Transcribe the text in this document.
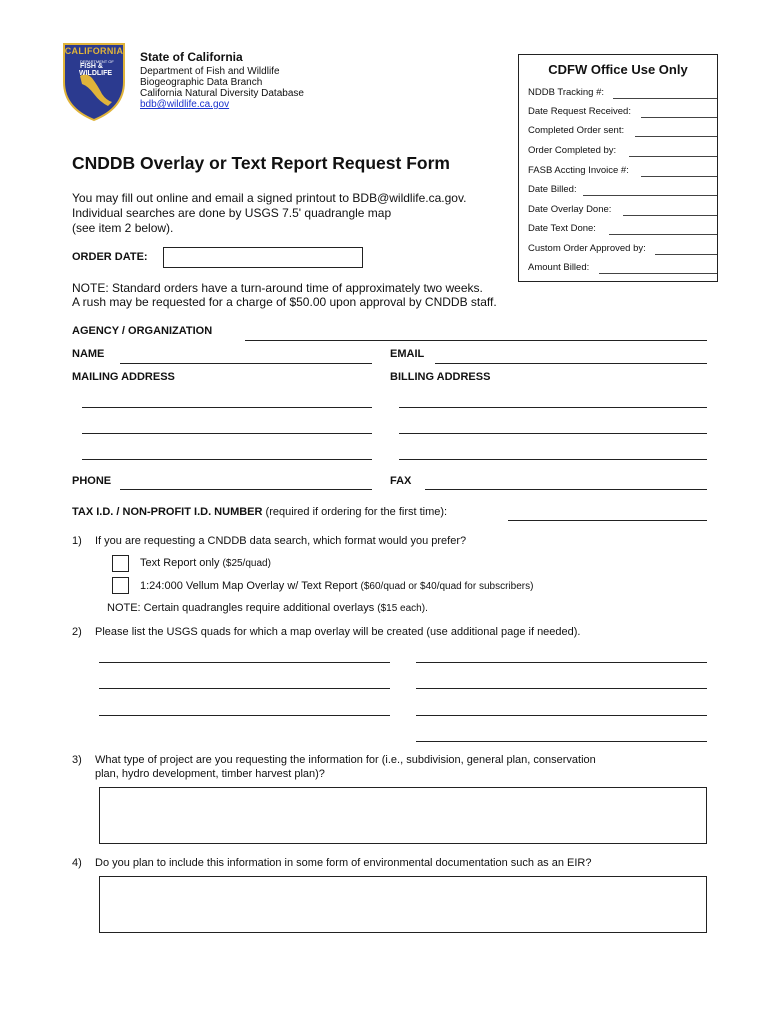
CALIFORNIA
DEPARTMENT OF
FISH &
WILDLIFE
State of California
Department of Fish and Wildlife
Biogeographic Data Branch
California Natural Diversity Database
bdb@wildlife.ca.gov
CDFW Office Use Only
NDDB Tracking #:
Date Request Received:
Completed Order sent:
Order Completed by:
FASB Accting Invoice #:
Date Billed:
Date Overlay Done:
Date Text Done:
Custom Order Approved by:
Amount Billed:
CNDDB Overlay or Text Report Request Form
You may fill out online and email a signed printout to BDB@wildlife.ca.gov.
Individual searches are done by USGS 7.5' quadrangle map
(see item 2 below).
ORDER DATE:
NOTE: Standard orders have a turn-around time of approximately two weeks.
A rush may be requested for a charge of $50.00 upon approval by CNDDB staff.
AGENCY / ORGANIZATION
NAME	EMAIL
MAILING ADDRESS	BILLING ADDRESS
PHONE	FAX
TAX I.D. / NON-PROFIT I.D. NUMBER (required if ordering for the first time):
1) If you are requesting a CNDDB data search, which format would you prefer?
Text Report only ($25/quad)
1:24:000 Vellum Map Overlay w/ Text Report ($60/quad or $40/quad for subscribers)
NOTE: Certain quadrangles require additional overlays ($15 each).
2) Please list the USGS quads for which a map overlay will be created (use additional page if needed).
3) What type of project are you requesting the information for (i.e., subdivision, general plan, conservation
plan, hydro development, timber harvest plan)?
4) Do you plan to include this information in some form of environmental documentation such as an EIR?
